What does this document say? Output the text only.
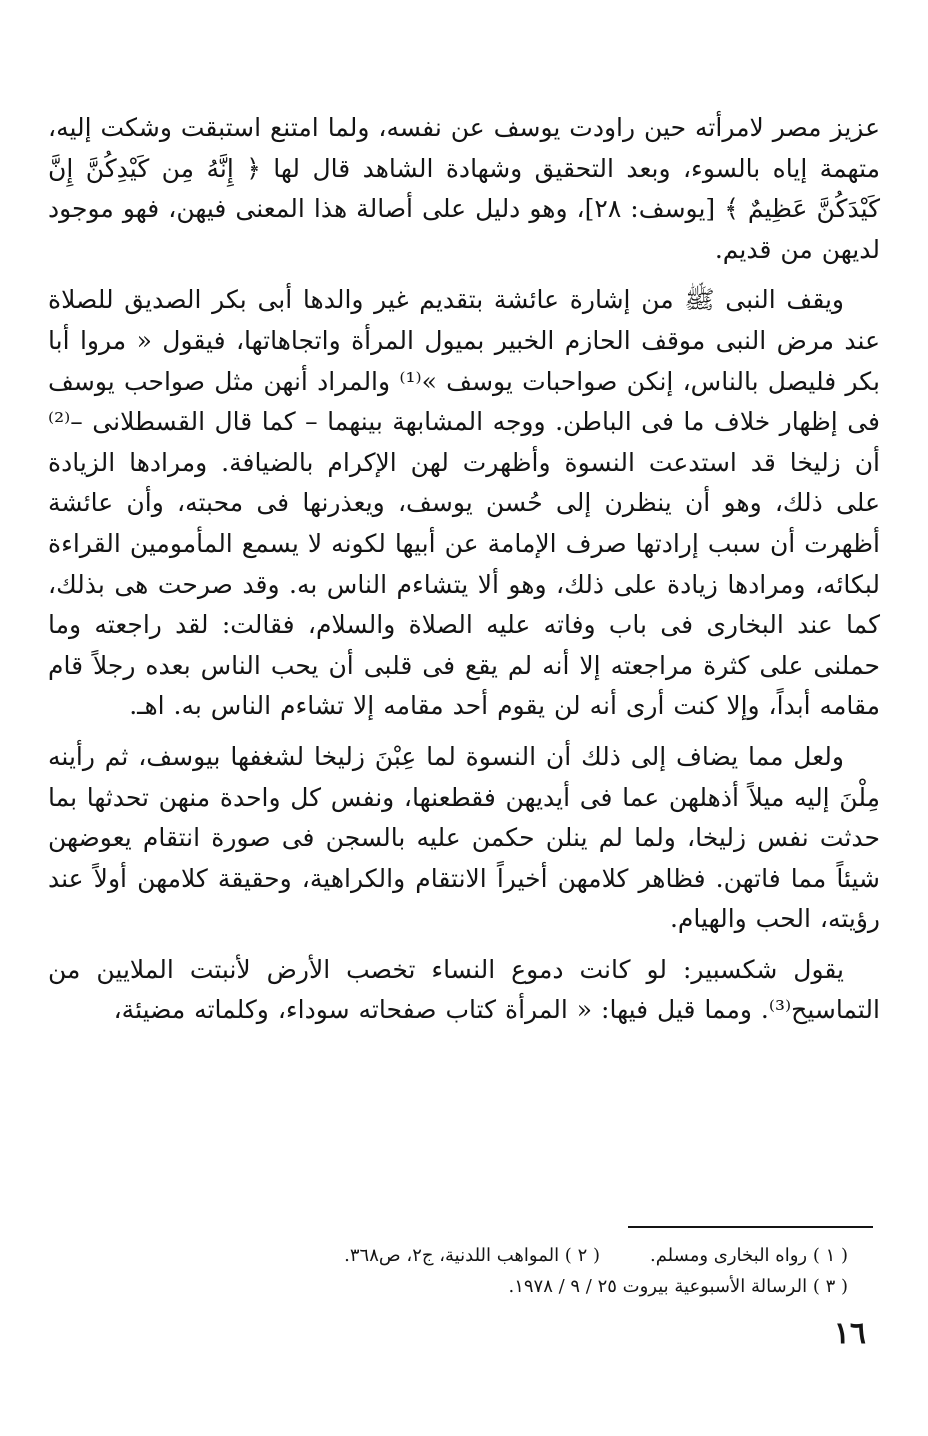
عزيز مصر لامرأته حين راودت يوسف عن نفسه، ولما امتنع استبقت وشكت إليه، متهمة إياه بالسوء، وبعد التحقيق وشهادة الشاهد قال لها ﴿ إِنَّهُ مِن كَيْدِكُنَّ إِنَّ كَيْدَكُنَّ عَظِيمٌ ﴾ [يوسف: ٢٨]، وهو دليل على أصالة هذا المعنى فيهن، فهو موجود لديهن من قديم.

ويقف النبى ﷺ من إشارة عائشة بتقديم غير والدها أبى بكر الصديق للصلاة عند مرض النبى موقف الحازم الخبير بميول المرأة واتجاهاتها، فيقول « مروا أبا بكر فليصل بالناس، إنكن صواحبات يوسف »⁽¹⁾ والمراد أنهن مثل صواحب يوسف فى إظهار خلاف ما فى الباطن. ووجه المشابهة بينهما – كما قال القسطلانى –⁽²⁾ أن زليخا قد استدعت النسوة وأظهرت لهن الإكرام بالضيافة. ومرادها الزيادة على ذلك، وهو أن ينظرن إلى حُسن يوسف، ويعذرنها فى محبته، وأن عائشة أظهرت أن سبب إرادتها صرف الإمامة عن أبيها لكونه لا يسمع المأمومين القراءة لبكائه، ومرادها زيادة على ذلك، وهو ألا يتشاءم الناس به. وقد صرحت هى بذلك، كما عند البخارى فى باب وفاته عليه الصلاة والسلام، فقالت: لقد راجعته وما حملنى على كثرة مراجعته إلا أنه لم يقع فى قلبى أن يحب الناس بعده رجلاً قام مقامه أبداً، وإلا كنت أرى أنه لن يقوم أحد مقامه إلا تشاءم الناس به. اهـ.

ولعل مما يضاف إلى ذلك أن النسوة لما عِبْنَ زليخا لشغفها بيوسف، ثم رأينه مِلْنَ إليه ميلاً أذهلهن عما فى أيديهن فقطعنها، ونفس كل واحدة منهن تحدثها بما حدثت نفس زليخا، ولما لم ينلن حكمن عليه بالسجن فى صورة انتقام يعوضهن شيئاً مما فاتهن. فظاهر كلامهن أخيراً الانتقام والكراهية، وحقيقة كلامهن أولاً عند رؤيته، الحب والهيام.

يقول شكسبير: لو كانت دموع النساء تخصب الأرض لأنبتت الملايين من التماسيح⁽³⁾. ومما قيل فيها: « المرأة كتاب صفحاته سوداء، وكلماته مضيئة،

( ١ ) رواه البخارى ومسلم.
( ٢ ) المواهب اللدنية، ج٢، ص٣٦٨.
( ٣ ) الرسالة الأسبوعية بيروت ٢٥ / ٩ / ١٩٧٨.
١٦
